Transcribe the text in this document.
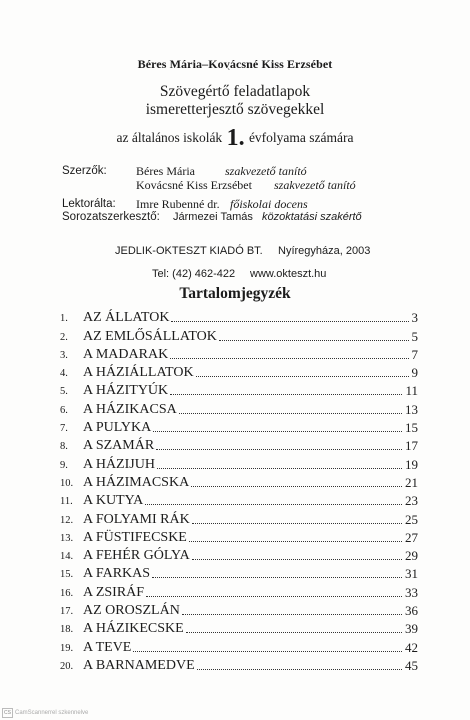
Béres Mária–Kovácsné Kiss Erzsébet
`
Szövegértő feladatlapok
ismeretterjesztő szövegekkel
az általános iskolák 1. évfolyama számára
Szerzők: Béres Mária	szakvezető tanító
Kovácsné Kiss Erzsébet szakvezető tanító
Lektorálta: Imre Rubenné dr. főiskolai docens
Sorozatszerkesztő: Jármezei Tamás közoktatási szakértő
JEDLIK-OKTESZT KIADÓ BT. Nyíregyháza, 2003
Tel: (42) 462-422 www.okteszt.hu
Tartalomjegyzék
1.	AZ ÁLLATOK	3
2.	AZ EMLŐSÁLLATOK	5
3.	A MADARAK	7
4.	A HÁZIÁLLATOK	9
5.	A HÁZITYÚK	11
6.	A HÁZIKACSA	13
7.	A PULYKA	15
8.	A SZAMÁR	17
9.	A HÁZIJUH	19
10. A HÁZIMACSKA	21
11. A KUTYA	23
12. A FOLYAMI RÁK	25
13. A FÜSTIFECSKE	27
14. A FEHÉR GÓLYA	29
15. A FARKAS	31
16. A ZSIRÁF	33
17. AZ OROSZLÁN	36
18. A HÁZIKECSKE	39
19. A TEVE	42
20. A BARNAMEDVE	45
CS CamScannerrel szkennelve
